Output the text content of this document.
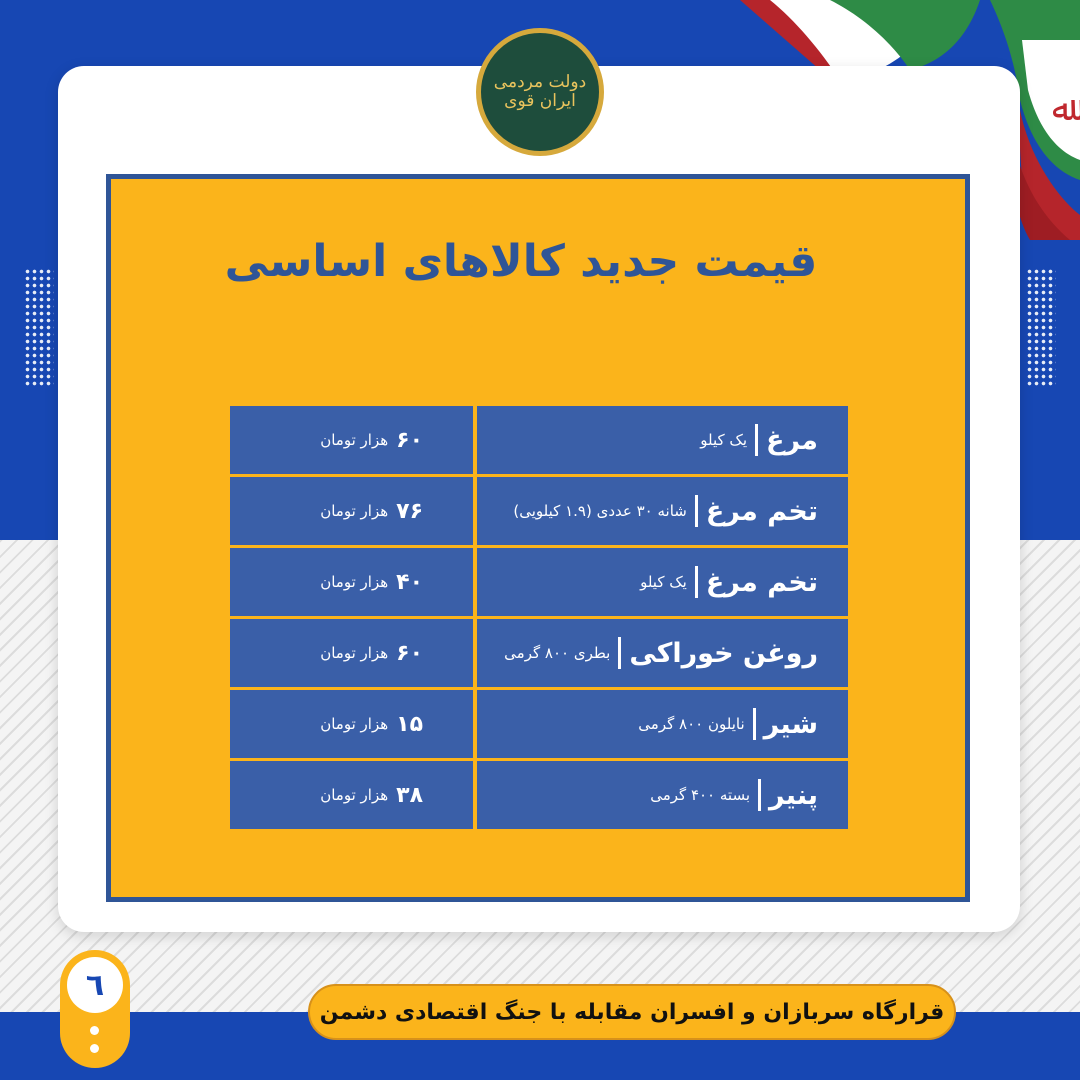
ﷲ
دولت مردمی ایران قوی
قیمت جدید کالاهای اساسی
مرغ
یک کیلو
۶۰
هزار تومان
تخم مرغ
شانه ۳۰ عددی (۱.۹ کیلویی)
۷۶
هزار تومان
تخم مرغ
یک کیلو
۴۰
هزار تومان
روغن خوراکی
بطری ۸۰۰ گرمی
۶۰
هزار تومان
شیر
نایلون ۸۰۰ گرمی
۱۵
هزار تومان
پنیر
بسته ۴۰۰ گرمی
۳۸
هزار تومان
٦
قرارگاه سربازان و افسران مقابله با جنگ اقتصادی دشمن
